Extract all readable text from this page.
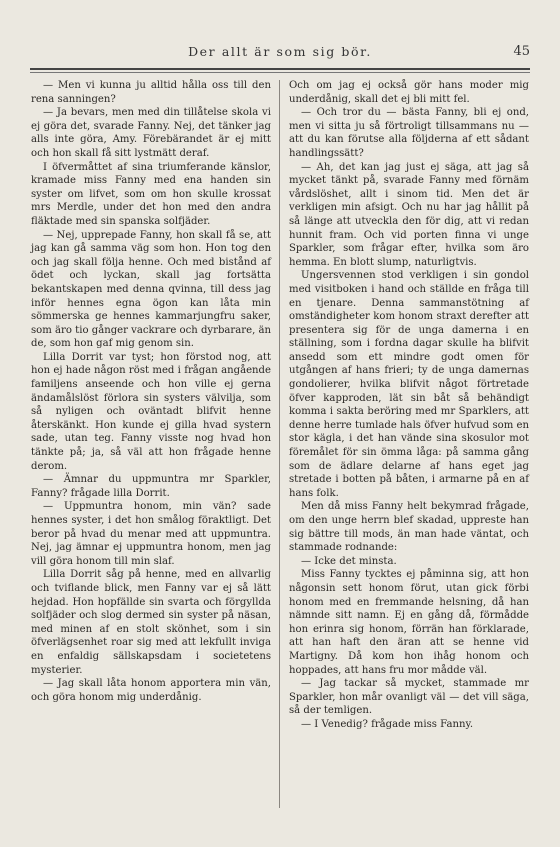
Der allt är som sig bör.	45

— Men vi kunna ju alltid hålla oss till den rena sanningen?

— Ja bevars, men med din tillåtelse skola vi ej göra det, svarade Fanny. Nej, det tänker jag alls inte göra, Amy. Förebärandet är ej mitt och hon skall få sitt lystmätt deraf.

I öfvermåttet af sina triumferande känslor, kramade miss Fanny med ena handen sin syster om lifvet, som om hon skulle krossat mrs Merdle, under det hon med den andra fläktade med sin spanska solfjäder.

— Nej, upprepade Fanny, hon skall få se, att jag kan gå samma väg som hon. Hon tog den och jag skall följa henne. Och med bistånd af ödet och lyckan, skall jag fortsätta bekantskapen med denna qvinna, till dess jag inför hennes egna ögon kan låta min sömmerska ge hennes kammarjungfru saker, som äro tio gånger vackrare och dyrbarare, än de, som hon gaf mig genom sin.

Lilla Dorrit var tyst; hon förstod nog, att hon ej hade någon röst med i frågan angående familjens anseende och hon ville ej gerna ändamålslöst förlora sin systers välvilja, som så nyligen och oväntadt blifvit henne återskänkt. Hon kunde ej gilla hvad systern sade, utan teg. Fanny visste nog hvad hon tänkte på; ja, så väl att hon frågade henne derom.

— Ämnar du uppmuntra mr Sparkler, Fanny? frågade lilla Dorrit.

— Uppmuntra honom, min vän? sade hennes syster, i det hon smålog föraktligt. Det beror på hvad du menar med att uppmuntra. Nej, jag ämnar ej uppmuntra honom, men jag vill göra honom till min slaf.

Lilla Dorrit såg på henne, med en allvarlig och tviflande blick, men Fanny var ej så lätt hejdad. Hon hopfällde sin svarta och förgyllda solfjäder och slog dermed sin syster på näsan, med minen af en stolt skönhet, som i sin öfverlägsenhet roar sig med att lekfullt inviga en enfaldig sällskapsdam i societetens mysterier.

— Jag skall låta honom apportera min vän, och göra honom mig underdånig.

Och om jag ej också gör hans moder mig underdånig, skall det ej bli mitt fel.

— Och tror du — bästa Fanny, bli ej ond, men vi sitta ju så förtroligt tillsammans nu — att du kan förutse alla följderna af ett sådant handlingssätt?

— Ah, det kan jag just ej säga, att jag så mycket tänkt på, svarade Fanny med förnäm vårdslöshet, allt i sinom tid. Men det är verkligen min afsigt. Och nu har jag hållit på så länge att utveckla den för dig, att vi redan hunnit fram. Och vid porten finna vi unge Sparkler, som frågar efter, hvilka som äro hemma. En blott slump, naturligtvis.

Ungersvennen stod verkligen i sin gondol med visitboken i hand och ställde en fråga till en tjenare. Denna sammanstötning af omständigheter kom honom straxt derefter att presentera sig för de unga damerna i en ställning, som i fordna dagar skulle ha blifvit ansedd som ett mindre godt omen för utgången af hans frieri; ty de unga damernas gondolierer, hvilka blifvit något förtretade öfver kapproden, lät sin båt så behändigt komma i sakta beröring med mr Sparklers, att denne herre tumlade hals öfver hufvud som en stor kägla, i det han vände sina skosulor mot föremålet för sin ömma låga: på samma gång som de ädlare delarne af hans eget jag stretade i botten på båten, i armarne på en af hans folk.

Men då miss Fanny helt bekymrad frågade, om den unge herrn blef skadad, uppreste han sig bättre till mods, än man hade väntat, och stammade rodnande:

— Icke det minsta.

Miss Fanny tycktes ej påminna sig, att hon någonsin sett honom förut, utan gick förbi honom med en fremmande helsning, då han nämnde sitt namn. Ej en gång då, förmådde hon erinra sig honom, förrän han förklarade, att han haft den äran att se henne vid Martigny. Då kom hon ihåg honom och hoppades, att hans fru mor mådde väl.

— Jag tackar så mycket, stammade mr Sparkler, hon mår ovanligt väl — det vill säga, så der temligen.

— I Venedig? frågade miss Fanny.
